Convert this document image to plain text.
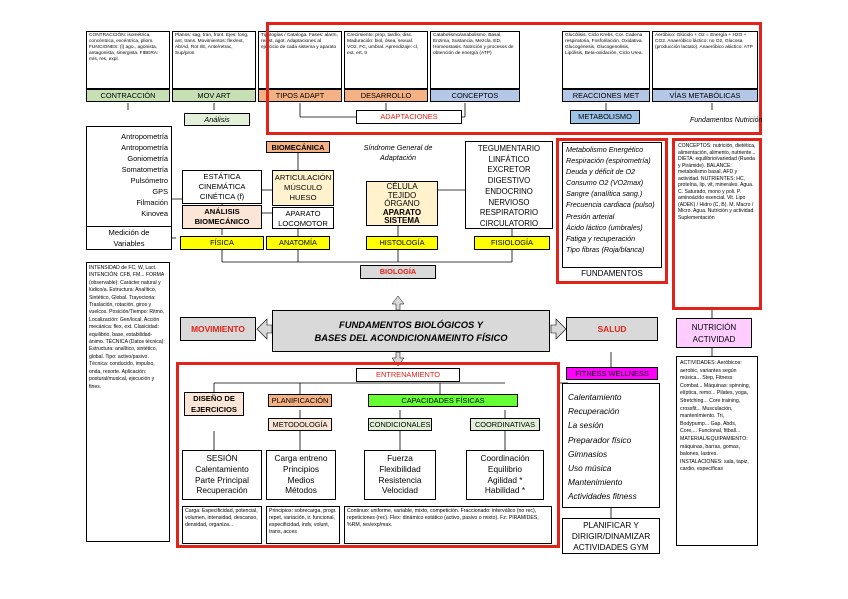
CONTRACCIÓN: isométrica, concéntrica, excéntrica, pliom. FUNCIONES: (l) ago., agonista, antagonista, sinergista. FIBERA: m/s, res, expl.
CONTRACCIÓN
Planos: sag, tran, front. Ejes: long, ant, trans. Movimientos: flex/ext, Ab/Ad, Rot I/E, Ante/retrac, Sup/pron
MOV ART
Tipologías / Cataloga. Fases: alarm, resist, agot. Adaptaciones al ejercicio de cada sistema y aparato
TIPOS ADAPT
Crecimiento: prop, tardío, disc. Maduración: biol, ósea, sexual. VO2, FC, umbral. Aprendizaje: cl, ext, ert, tr
DESARROLLO
Catabolismo/anabolismo. Basal, Enzima, Sustancia, Mezcla. ED, Homeostasis. Nutrición y procesos de obtención de energía (ATP)
CONCEPTOS
Glucólisis, Ciclo Krebs, Cor. Cadena respiratoria, Fosforilación. Oxidativa. Glucogénesis, Glucogenolisis, Lipólisis, Beta-oxidación, Ciclo Urea.
REACCIONES MET
Aeróbico: Glúcido + O2 = Energía + H2O + CO2. Anaeróbico láctico: no O2, Glucosa (producción lactato). Anaeróbico aláctico: ATP
VÍAS METABÓLICAS
Análisis	ADAPTACIONES	METABOLISMO	Fundamentos Nutrición
Antropometría
Antropometría
Goniometría
Somatometría
Pulsómetro
GPS
Filmación
Kinovea
Medición de
Variables
BIOMECÁNICA
ESTÁTICA
CINEMÁTICA
CINÉTICA (f)
ANÁLISIS
BIOMECÁNICO
ARTICULACIÓN
MÚSCULO
HUESO
APARATO
LOCOMOTOR
Síndrome General de
Adaptación
CÉLULA
TEJIDO
ÓRGANO
APARATO
SISTEMA
TEGUMENTARIO
LINFÁTICO
EXCRETOR
DIGESTIVO
ENDOCRINO
NERVIOSO
RESPIRATORIO
CIRCULATORIO
Metabolismo Energético
Respiración (espirometría)
Deuda y déficit de O2
Consumo O2 (VO2max)
Sangre (analítica sang.)
Frecuencia cardiaca (pulso)
Presión arterial
Ácido láctico (umbrales)
Fatiga y recuperación
Tipo fibras (Roja/blanca)
FUNDAMENTOS
CONCEPTOS: nutrición, dietética, alimentación, alimento, nutriente... DIETA: equilibrio/variedad (Rueda y Pirámide). BALANCE: metabolismo basal, AFD y actividad. NUTRIENTES: HC, proteína, lip, vit, minerales. Agua. C. Saturado, mono y poli. P. aminoácido esencial. Vit. Lipo (ADEK) / Hidro (C, B). M. Macro / Micro. Agua. Nutrición y actividad. Suplementación
FÍSICA	ANATOMÍA	HISTOLOGÍA	FISIOLOGÍA
BIOLOGÍA
INTENSIDAD de FC, W, Lact. INTENCIÓN: CFB, FM... FORMA (observable): Carácter natural y lúdico/a. Estructura: Analítico, Sintético, Global. Trayectoria: Traslación, rotación, giros y vuelcos. Posición/Tiempo: Ritmo. Localización: Gen/local. Acción mecánica: flex, ext. Clasicidad: equilibrio, base, estabilidad-ánimo. TÉCNICA (Datos técnica): Estructura: analítico, sintético, global. Tipo: activo/pasivo. Técnica: conducido, impulso, onda, resorte. Aplicación: postural/musical, ejecución y fines.
MOVIMIENTO	FUNDAMENTOS BIOLÓGICOS Y
BASES DEL ACONDICIONAMEINTO FÍSICO
SALUD	NUTRICIÓN
ACTIVIDAD
ENTRENAMIENTO
DISEÑO DE
EJERCICIOS
PLANIFICACIÓN	CAPACIDADES FÍSICAS
METODOLOGÍA	CONDICIONALES	COORDINATIVAS
SESIÓN
Calentamiento
Parte Principal
Recuperación
Carga entreno
Principios
Medios
Métodos
Fuerza
Flexibilidad
Resistencia
Velocidad
Coordinación
Equilibrio
Agilidad *
Habilidad *
Carga: Especificidad, potencial, volumen, intensidad, descanso, densidad, organiza...
Principios: sobrecarga, progr. repet, variación, ir. funcional, especificidad, indv, volunt, trans, acces
Continuo: uniforme, variable, mixto, competición. Fraccionado: interválico (no rec), repeticiones (rec). Flex: dinámico estático (activo, pasivo o mixto). Fz: PIRAMIDES, %RM, res/exp/max.
FITNESS WELLNESS
Calentamiento
Recuperación
La sesión
Preparador físico
Gimnasios
Uso música
Mantenimiento
Actividades fitness
PLANIFICAR Y
DIRIGIR/DINAMIZAR
ACTIVIDADES GYM
ACTIVIDADES: Aeróbicos: aerobic, variantes según música... Step, Fitness Combat... Máquinas: spinning, elíptica, remo... Pilates, yoga, Stretching... Core training, crossfit... Musculación, mantenimiento. Tri, Bodypump... Gap, Abds, Core,... Funcional, fitball... MATERIAL/EQUIPAMIENTO: máquinas, barras, gomas, balones, lastres. INSTALACIONES: sala, tapiz, cardio, específicas
